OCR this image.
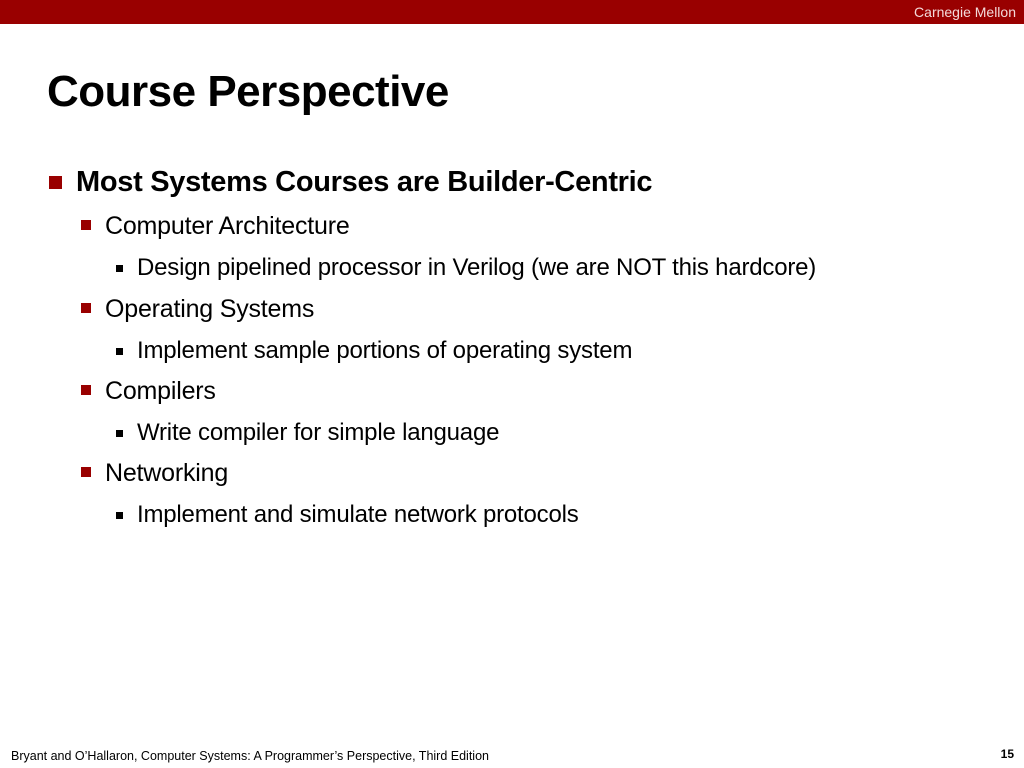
Carnegie Mellon
Course Perspective
Most Systems Courses are Builder-Centric
Computer Architecture
Design pipelined processor in Verilog (we are NOT this hardcore)
Operating Systems
Implement sample portions of operating system
Compilers
Write compiler for simple language
Networking
Implement and simulate network protocols
Bryant and O’Hallaron, Computer Systems: A Programmer’s Perspective, Third Edition	15
